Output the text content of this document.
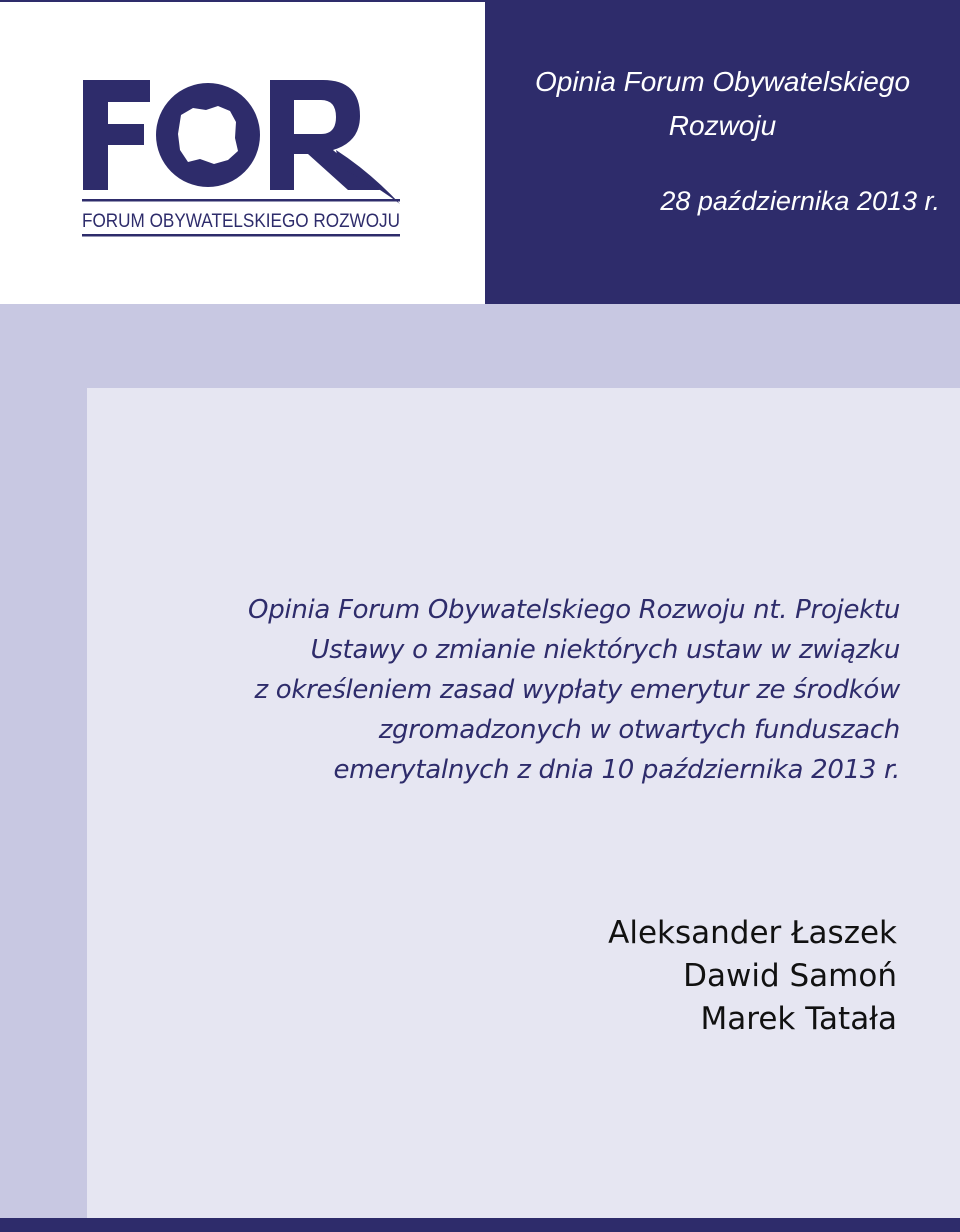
FORUM OBYWATELSKIEGO ROZWOJU
Opinia Forum Obywatelskiego
Rozwoju
28 października 2013 r.
Opinia Forum Obywatelskiego Rozwoju nt. Projektu
Ustawy o zmianie niektórych ustaw w związku
z określeniem zasad wypłaty emerytur ze środków
zgromadzonych w otwartych funduszach
emerytalnych z dnia 10 października 2013 r.
Aleksander Łaszek
Dawid Samoń
Marek Tatała
